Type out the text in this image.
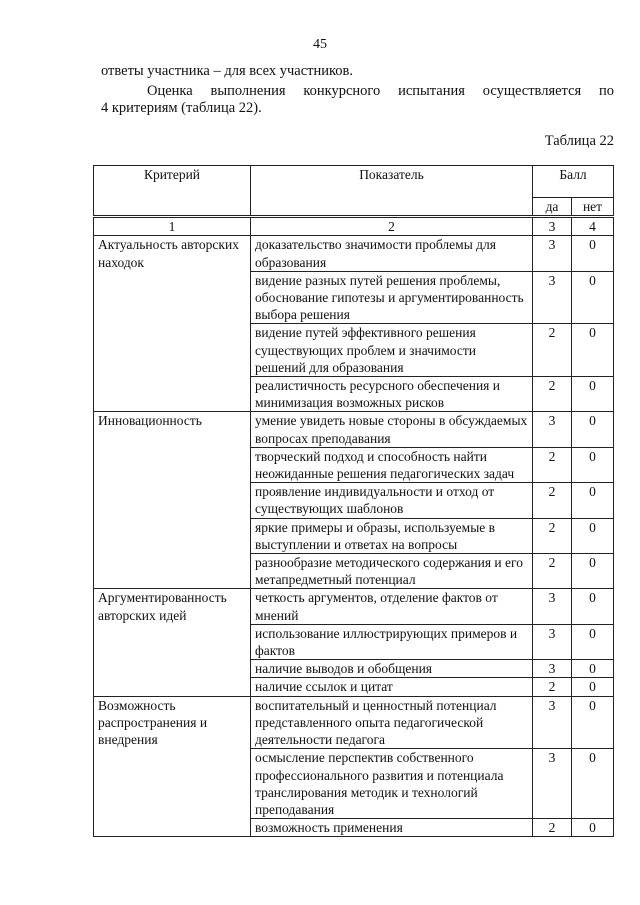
45
ответы участника – для всех участников.
Оценка выполнения конкурсного испытания осуществляется по
4 критериям (таблица 22).
Таблица 22
Критерий	Показатель	Балл	
		да	нет
1	2	3	4
Актуальность авторских находок	доказательство значимости проблемы для образования	3	0
	видение разных путей решения проблемы, обоснование гипотезы и аргументированность выбора решения	3	0
	видение путей эффективного решения существующих проблем и значимости решений для образования	2	0
	реалистичность ресурсного обеспечения и минимизация возможных рисков	2	0
Инновационность	умение увидеть новые стороны в обсуждаемых вопросах преподавания	3	0
	творческий подход и способность найти неожиданные решения педагогических задач	2	0
	проявление индивидуальности и отход от существующих шаблонов	2	0
	яркие примеры и образы, используемые в выступлении и ответах на вопросы	2	0
	разнообразие методического содержания и его метапредметный потенциал	2	0
Аргументированность авторских идей	четкость аргументов, отделение фактов от мнений	3	0
	использование иллюстрирующих примеров и фактов	3	0
	наличие выводов и обобщения	3	0
	наличие ссылок и цитат	2	0
Возможность распространения и внедрения	воспитательный и ценностный потенциал представленного опыта педагогической деятельности педагога	3	0
	осмысление перспектив собственного профессионального развития и потенциала транслирования методик и технологий преподавания	3	0
	возможность применения	2	0
